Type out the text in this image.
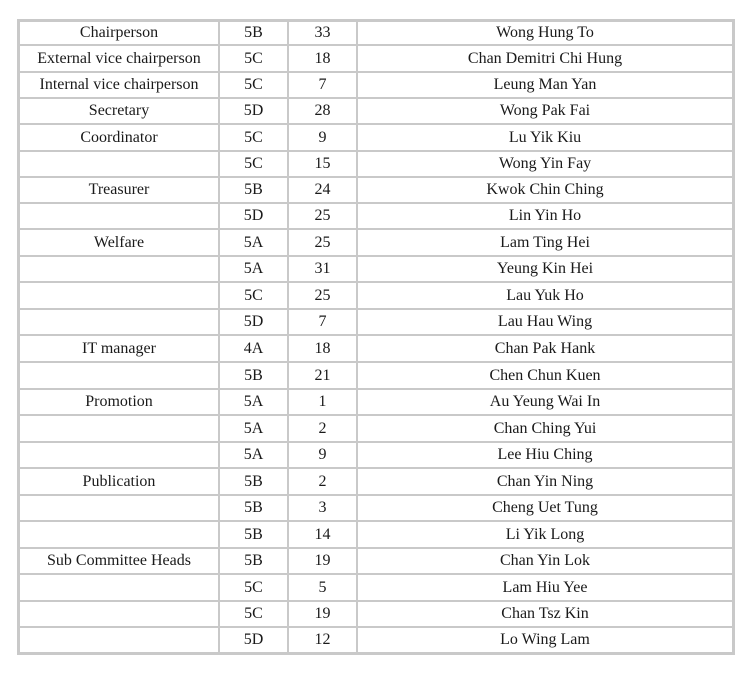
Chairperson	5B	33	Wong Hung To
External vice chairperson	5C	18	Chan Demitri Chi Hung
Internal vice chairperson	5C	7	Leung Man Yan
Secretary	5D	28	Wong Pak Fai
Coordinator	5C	9	Lu Yik Kiu
	5C	15	Wong Yin Fay
Treasurer	5B	24	Kwok Chin Ching
	5D	25	Lin Yin Ho
Welfare	5A	25	Lam Ting Hei
	5A	31	Yeung Kin Hei
	5C	25	Lau Yuk Ho
	5D	7	Lau Hau Wing
IT manager	4A	18	Chan Pak Hank
	5B	21	Chen Chun Kuen
Promotion	5A	1	Au Yeung Wai In
	5A	2	Chan Ching Yui
	5A	9	Lee Hiu Ching
Publication	5B	2	Chan Yin Ning
	5B	3	Cheng Uet Tung
	5B	14	Li Yik Long
Sub Committee Heads	5B	19	Chan Yin Lok
	5C	5	Lam Hiu Yee
	5C	19	Chan Tsz Kin
	5D	12	Lo Wing Lam
